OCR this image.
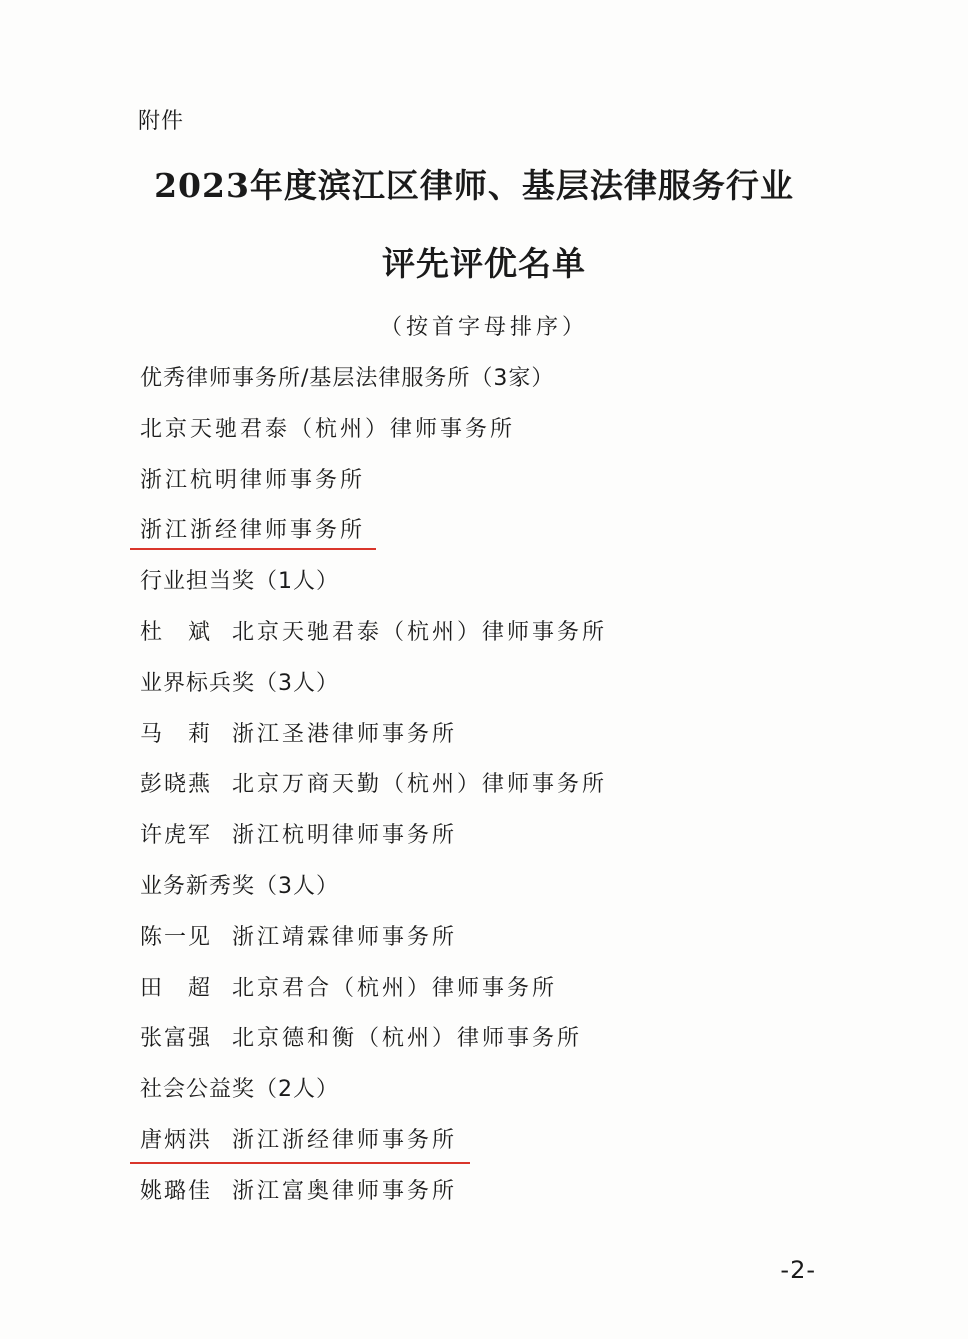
附件
2023年度滨江区律师、基层法律服务行业
评先评优名单
（按首字母排序）
优秀律师事务所/基层法律服务所（3家）
北京天驰君泰（杭州）律师事务所
浙江杭明律师事务所
浙江浙经律师事务所
行业担当奖（1人）
杜　斌 北京天驰君泰（杭州）律师事务所
业界标兵奖（3人）
马　莉 浙江圣港律师事务所
彭晓燕 北京万商天勤（杭州）律师事务所
许虎军 浙江杭明律师事务所
业务新秀奖（3人）
陈一见 浙江靖霖律师事务所
田　超 北京君合（杭州）律师事务所
张富强 北京德和衡（杭州）律师事务所
社会公益奖（2人）
唐炳洪 浙江浙经律师事务所
姚璐佳 浙江富奥律师事务所
-2-
